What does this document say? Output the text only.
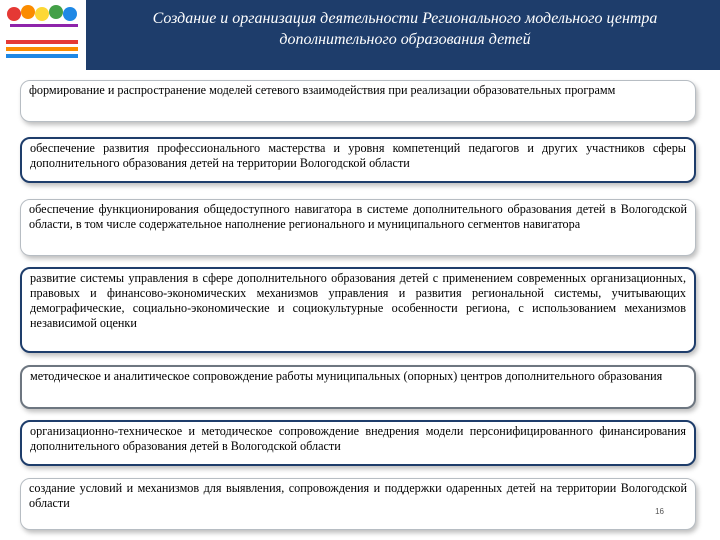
Создание и организация деятельности Регионального модельного центра
дополнительного образования детей
формирование и распространение моделей сетевого взаимодействия при реализации образовательных программ
обеспечение развития профессионального мастерства и уровня компетенций педагогов и других участников сферы дополнительного образования детей на территории Вологодской области
обеспечение функционирования общедоступного навигатора в системе дополнительного образования детей в Вологодской области, в том числе содержательное наполнение регионального и муниципального сегментов навигатора
развитие системы управления в сфере дополнительного образования детей с применением современных организационных, правовых и финансово-экономических механизмов управления и развития региональной системы, учитывающих демографические, социально-экономические и социокультурные особенности региона, с использованием механизмов независимой оценки
методическое и аналитическое сопровождение работы муниципальных (опорных) центров дополнительного образования
организационно-техническое и методическое сопровождение внедрения модели персонифицированного финансирования дополнительного образования детей в Вологодской области
создание условий и механизмов для выявления, сопровождения и поддержки одаренных детей на территории Вологодской области
16
